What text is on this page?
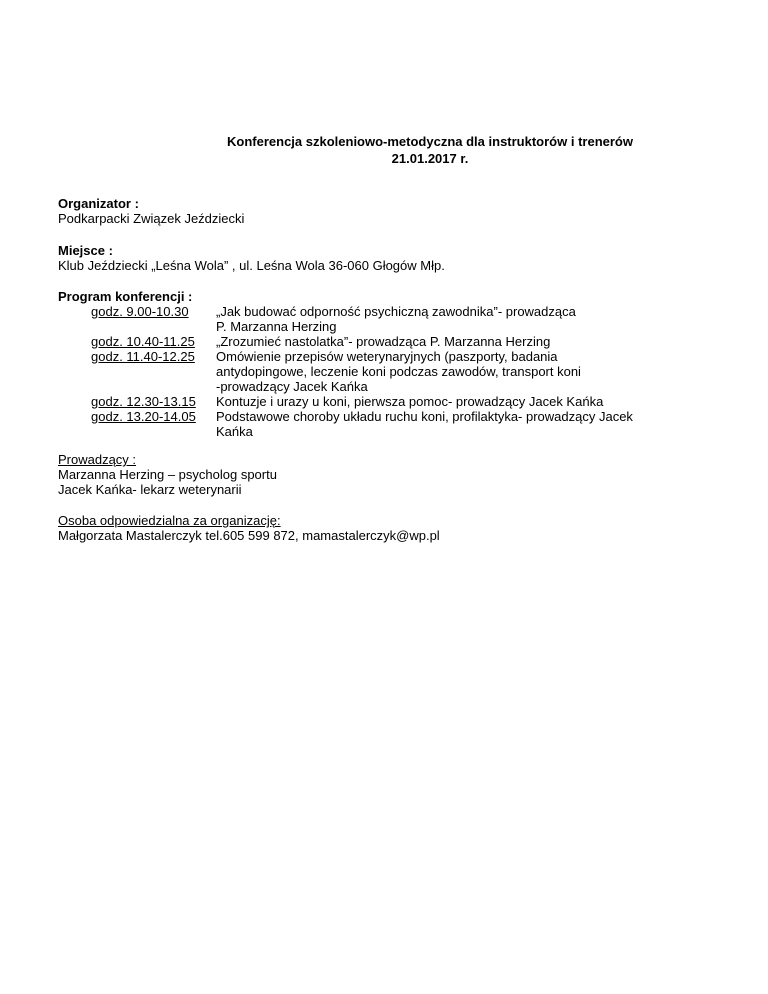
Konferencja szkoleniowo-metodyczna dla instruktorów i trenerów
21.01.2017 r.
Organizator :
Podkarpacki Związek Jeździecki
Miejsce :
Klub Jeździecki „Leśna Wola” , ul. Leśna Wola 36-060 Głogów Młp.
Program konferencji :
godz. 9.00-10.30 „Jak budować odporność psychiczną zawodnika”- prowadząca
P. Marzanna Herzing
godz. 10.40-11.25 „Zrozumieć nastolatka”- prowadząca P. Marzanna Herzing
godz. 11.40-12.25 Omówienie przepisów weterynaryjnych (paszporty, badania
antydopingowe, leczenie koni podczas zawodów, transport koni
-prowadzący Jacek Kańka
godz. 12.30-13.15 Kontuzje i urazy u koni, pierwsza pomoc- prowadzący Jacek Kańka
godz. 13.20-14.05 Podstawowe choroby układu ruchu koni, profilaktyka- prowadzący Jacek
Kańka
Prowadzący :
Marzanna Herzing – psycholog sportu
Jacek Kańka- lekarz weterynarii
Osoba odpowiedzialna za organizację:
Małgorzata Mastalerczyk tel.605 599 872, mamastalerczyk@wp.pl
